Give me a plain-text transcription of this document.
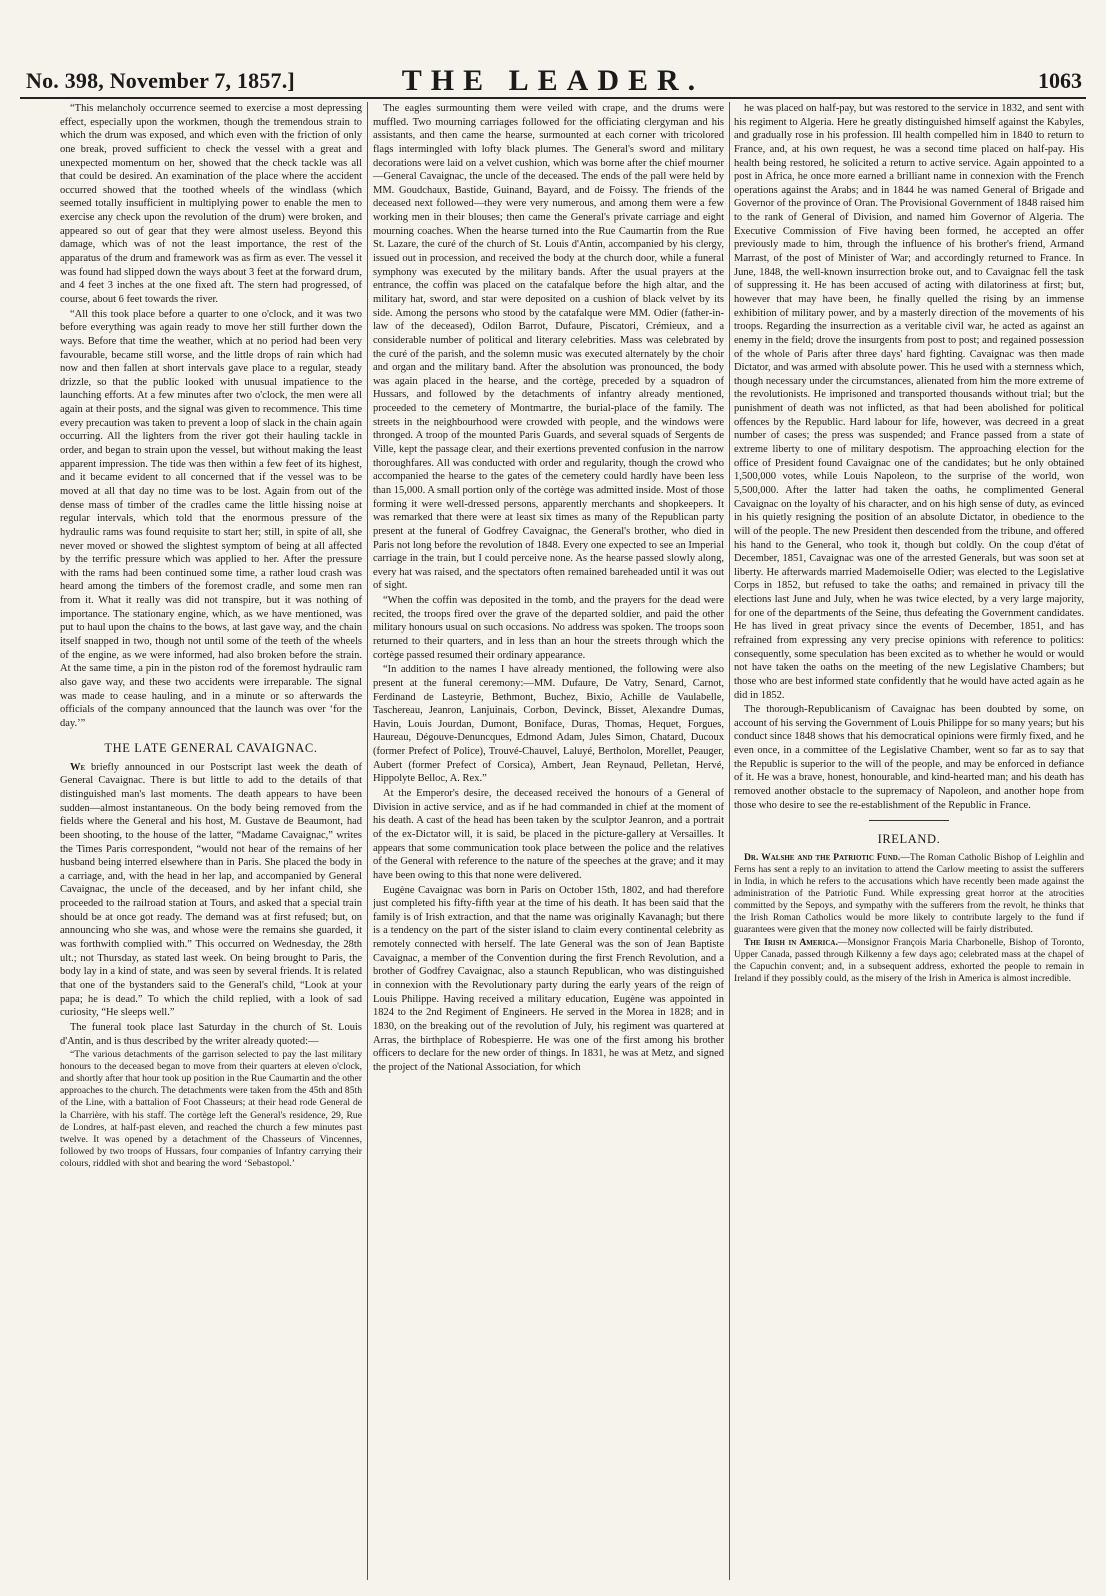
No. 398, November 7, 1857.]	THE LEADER.	1063

“This melancholy occurrence seemed to exercise a most depressing effect, especially upon the workmen, though the tremendous strain to which the drum was exposed, and which even with the friction of only one break, proved sufficient to check the vessel with a great and unexpected momentum on her, showed that the check tackle was all that could be desired. An examination of the place where the accident occurred showed that the toothed wheels of the windlass (which seemed totally insufficient in multiplying power to enable the men to exercise any check upon the revolution of the drum) were broken, and appeared so out of gear that they were almost useless. Beyond this damage, which was of not the least importance, the rest of the apparatus of the drum and framework was as firm as ever. The vessel it was found had slipped down the ways about 3 feet at the forward drum, and 4 feet 3 inches at the one fixed aft. The stern had progressed, of course, about 6 feet towards the river.

“All this took place before a quarter to one o'clock, and it was two before everything was again ready to move her still further down the ways. Before that time the weather, which at no period had been very favourable, became still worse, and the little drops of rain which had now and then fallen at short intervals gave place to a regular, steady drizzle, so that the public looked with unusual impatience to the launching efforts. At a few minutes after two o'clock, the men were all again at their posts, and the signal was given to recommence. This time every precaution was taken to prevent a loop of slack in the chain again occurring. All the lighters from the river got their hauling tackle in order, and began to strain upon the vessel, but without making the least apparent impression. The tide was then within a few feet of its highest, and it became evident to all concerned that if the vessel was to be moved at all that day no time was to be lost. Again from out of the dense mass of timber of the cradles came the little hissing noise at regular intervals, which told that the enormous pressure of the hydraulic rams was found requisite to start her; still, in spite of all, she never moved or showed the slightest symptom of being at all affected by the terrific pressure which was applied to her. After the pressure with the rams had been continued some time, a rather loud crash was heard among the timbers of the foremost cradle, and some men ran from it. What it really was did not transpire, but it was nothing of importance. The stationary engine, which, as we have mentioned, was put to haul upon the chains to the bows, at last gave way, and the chain itself snapped in two, though not until some of the teeth of the wheels of the engine, as we were informed, had also broken before the strain. At the same time, a pin in the piston rod of the foremost hydraulic ram also gave way, and these two accidents were irreparable. The signal was made to cease hauling, and in a minute or so afterwards the officials of the company announced that the launch was over ‘for the day.’”

THE LATE GENERAL CAVAIGNAC.

We briefly announced in our Postscript last week the death of General Cavaignac. There is but little to add to the details of that distinguished man's last moments. The death appears to have been sudden—almost instantaneous. On the body being removed from the fields where the General and his host, M. Gustave de Beaumont, had been shooting, to the house of the latter, “Madame Cavaignac,” writes the Times Paris correspondent, “would not hear of the remains of her husband being interred elsewhere than in Paris. She placed the body in a carriage, and, with the head in her lap, and accompanied by General Cavaignac, the uncle of the deceased, and by her infant child, she proceeded to the railroad station at Tours, and asked that a special train should be at once got ready. The demand was at first refused; but, on announcing who she was, and whose were the remains she guarded, it was forthwith complied with.” This occurred on Wednesday, the 28th ult.; not Thursday, as stated last week. On being brought to Paris, the body lay in a kind of state, and was seen by several friends. It is related that one of the bystanders said to the General's child, “Look at your papa; he is dead.” To which the child replied, with a look of sad curiosity, “He sleeps well.”

The funeral took place last Saturday in the church of St. Louis d'Antin, and is thus described by the writer already quoted:—

“The various detachments of the garrison selected to pay the last military honours to the deceased began to move from their quarters at eleven o'clock, and shortly after that hour took up position in the Rue Caumartin and the other approaches to the church. The detachments were taken from the 45th and 85th of the Line, with a battalion of Foot Chasseurs; at their head rode General de la Charrière, with his staff. The cortège left the General's residence, 29, Rue de Londres, at half-past eleven, and reached the church a few minutes past twelve. It was opened by a detachment of the Chasseurs of Vincennes, followed by two troops of Hussars, four companies of Infantry carrying their colours, riddled with shot and bearing the word ‘Sebastopol.’

The eagles surmounting them were veiled with crape, and the drums were muffled. Two mourning carriages followed for the officiating clergyman and his assistants, and then came the hearse, surmounted at each corner with tricolored flags intermingled with lofty black plumes. The General's sword and military decorations were laid on a velvet cushion, which was borne after the chief mourner—General Cavaignac, the uncle of the deceased. The ends of the pall were held by MM. Goudchaux, Bastide, Guinand, Bayard, and de Foissy. The friends of the deceased next followed—they were very numerous, and among them were a few working men in their blouses; then came the General's private carriage and eight mourning coaches. When the hearse turned into the Rue Caumartin from the Rue St. Lazare, the curé of the church of St. Louis d'Antin, accompanied by his clergy, issued out in procession, and received the body at the church door, while a funeral symphony was executed by the military bands. After the usual prayers at the entrance, the coffin was placed on the catafalque before the high altar, and the military hat, sword, and star were deposited on a cushion of black velvet by its side. Among the persons who stood by the catafalque were MM. Odier (father-in-law of the deceased), Odilon Barrot, Dufaure, Piscatori, Crémieux, and a considerable number of political and literary celebrities. Mass was celebrated by the curé of the parish, and the solemn music was executed alternately by the choir and organ and the military band. After the absolution was pronounced, the body was again placed in the hearse, and the cortège, preceded by a squadron of Hussars, and followed by the detachments of infantry already mentioned, proceeded to the cemetery of Montmartre, the burial-place of the family. The streets in the neighbourhood were crowded with people, and the windows were thronged. A troop of the mounted Paris Guards, and several squads of Sergents de Ville, kept the passage clear, and their exertions prevented confusion in the narrow thoroughfares. All was conducted with order and regularity, though the crowd who accompanied the hearse to the gates of the cemetery could hardly have been less than 15,000. A small portion only of the cortège was admitted inside. Most of those forming it were well-dressed persons, apparently merchants and shopkeepers. It was remarked that there were at least six times as many of the Republican party present at the funeral of Godfrey Cavaignac, the General's brother, who died in Paris not long before the revolution of 1848. Every one expected to see an Imperial carriage in the train, but I could perceive none. As the hearse passed slowly along, every hat was raised, and the spectators often remained bareheaded until it was out of sight.

“When the coffin was deposited in the tomb, and the prayers for the dead were recited, the troops fired over the grave of the departed soldier, and paid the other military honours usual on such occasions. No address was spoken. The troops soon returned to their quarters, and in less than an hour the streets through which the cortège passed resumed their ordinary appearance.

“In addition to the names I have already mentioned, the following were also present at the funeral ceremony:—MM. Dufaure, De Vatry, Senard, Carnot, Ferdinand de Lasteyrie, Bethmont, Buchez, Bixio, Achille de Vaulabelle, Taschereau, Jeanron, Lanjuinais, Corbon, Devinck, Bisset, Alexandre Dumas, Havin, Louis Jourdan, Dumont, Boniface, Duras, Thomas, Hequet, Forgues, Haureau, Dégouve-Denuncques, Edmond Adam, Jules Simon, Chatard, Ducoux (former Prefect of Police), Trouvé-Chauvel, Laluyé, Bertholon, Morellet, Peauger, Aubert (former Prefect of Corsica), Ambert, Jean Reynaud, Pelletan, Hervé, Hippolyte Belloc, A. Rex.”

At the Emperor's desire, the deceased received the honours of a General of Division in active service, and as if he had commanded in chief at the moment of his death. A cast of the head has been taken by the sculptor Jeanron, and a portrait of the ex-Dictator will, it is said, be placed in the picture-gallery at Versailles. It appears that some communication took place between the police and the relatives of the General with reference to the nature of the speeches at the grave; and it may have been owing to this that none were delivered.

Eugène Cavaignac was born in Paris on October 15th, 1802, and had therefore just completed his fifty-fifth year at the time of his death. It has been said that the family is of Irish extraction, and that the name was originally Kavanagh; but there is a tendency on the part of the sister island to claim every continental celebrity as remotely connected with herself. The late General was the son of Jean Baptiste Cavaignac, a member of the Convention during the first French Revolution, and a brother of Godfrey Cavaignac, also a staunch Republican, who was distinguished in connexion with the Revolutionary party during the early years of the reign of Louis Philippe. Having received a military education, Eugène was appointed in 1824 to the 2nd Regiment of Engineers. He served in the Morea in 1828; and in 1830, on the breaking out of the revolution of July, his regiment was quartered at Arras, the birthplace of Robespierre. He was one of the first among his brother officers to declare for the new order of things. In 1831, he was at Metz, and signed the project of the National Association, for which

he was placed on half-pay, but was restored to the service in 1832, and sent with his regiment to Algeria. Here he greatly distinguished himself against the Kabyles, and gradually rose in his profession. Ill health compelled him in 1840 to return to France, and, at his own request, he was a second time placed on half-pay. His health being restored, he solicited a return to active service. Again appointed to a post in Africa, he once more earned a brilliant name in connexion with the French operations against the Arabs; and in 1844 he was named General of Brigade and Governor of the province of Oran. The Provisional Government of 1848 raised him to the rank of General of Division, and named him Governor of Algeria. The Executive Commission of Five having been formed, he accepted an offer previously made to him, through the influence of his brother's friend, Armand Marrast, of the post of Minister of War; and accordingly returned to France. In June, 1848, the well-known insurrection broke out, and to Cavaignac fell the task of suppressing it. He has been accused of acting with dilatoriness at first; but, however that may have been, he finally quelled the rising by an immense exhibition of military power, and by a masterly direction of the movements of his troops. Regarding the insurrection as a veritable civil war, he acted as against an enemy in the field; drove the insurgents from post to post; and regained possession of the whole of Paris after three days' hard fighting. Cavaignac was then made Dictator, and was armed with absolute power. This he used with a sternness which, though necessary under the circumstances, alienated from him the more extreme of the revolutionists. He imprisoned and transported thousands without trial; but the punishment of death was not inflicted, as that had been abolished for political offences by the Republic. Hard labour for life, however, was decreed in a great number of cases; the press was suspended; and France passed from a state of extreme liberty to one of military despotism. The approaching election for the office of President found Cavaignac one of the candidates; but he only obtained 1,500,000 votes, while Louis Napoleon, to the surprise of the world, won 5,500,000. After the latter had taken the oaths, he complimented General Cavaignac on the loyalty of his character, and on his high sense of duty, as evinced in his quietly resigning the position of an absolute Dictator, in obedience to the will of the people. The new President then descended from the tribune, and offered his hand to the General, who took it, though but coldly. On the coup d'état of December, 1851, Cavaignac was one of the arrested Generals, but was soon set at liberty. He afterwards married Mademoiselle Odier; was elected to the Legislative Corps in 1852, but refused to take the oaths; and remained in privacy till the elections last June and July, when he was twice elected, by a very large majority, for one of the departments of the Seine, thus defeating the Government candidates. He has lived in great privacy since the events of December, 1851, and has refrained from expressing any very precise opinions with reference to politics: consequently, some speculation has been excited as to whether he would or would not have taken the oaths on the meeting of the new Legislative Chambers; but those who are best informed state confidently that he would have acted again as he did in 1852.

The thorough-Republicanism of Cavaignac has been doubted by some, on account of his serving the Government of Louis Philippe for so many years; but his conduct since 1848 shows that his democratical opinions were firmly fixed, and he even once, in a committee of the Legislative Chamber, went so far as to say that the Republic is superior to the will of the people, and may be enforced in defiance of it. He was a brave, honest, honourable, and kind-hearted man; and his death has removed another obstacle to the supremacy of Napoleon, and another hope from those who desire to see the re-establishment of the Republic in France.

IRELAND.

Dr. Walshe and the Patriotic Fund.—The Roman Catholic Bishop of Leighlin and Ferns has sent a reply to an invitation to attend the Carlow meeting to assist the sufferers in India, in which he refers to the accusations which have recently been made against the administration of the Patriotic Fund. While expressing great horror at the atrocities committed by the Sepoys, and sympathy with the sufferers from the revolt, he thinks that the Irish Roman Catholics would be more likely to contribute largely to the fund if guarantees were given that the money now collected will be fairly distributed.

The Irish in America.—Monsignor François Maria Charbonelle, Bishop of Toronto, Upper Canada, passed through Kilkenny a few days ago; celebrated mass at the chapel of the Capuchin convent; and, in a subsequent address, exhorted the people to remain in Ireland if they possibly could, as the misery of the Irish in America is almost incredible.
